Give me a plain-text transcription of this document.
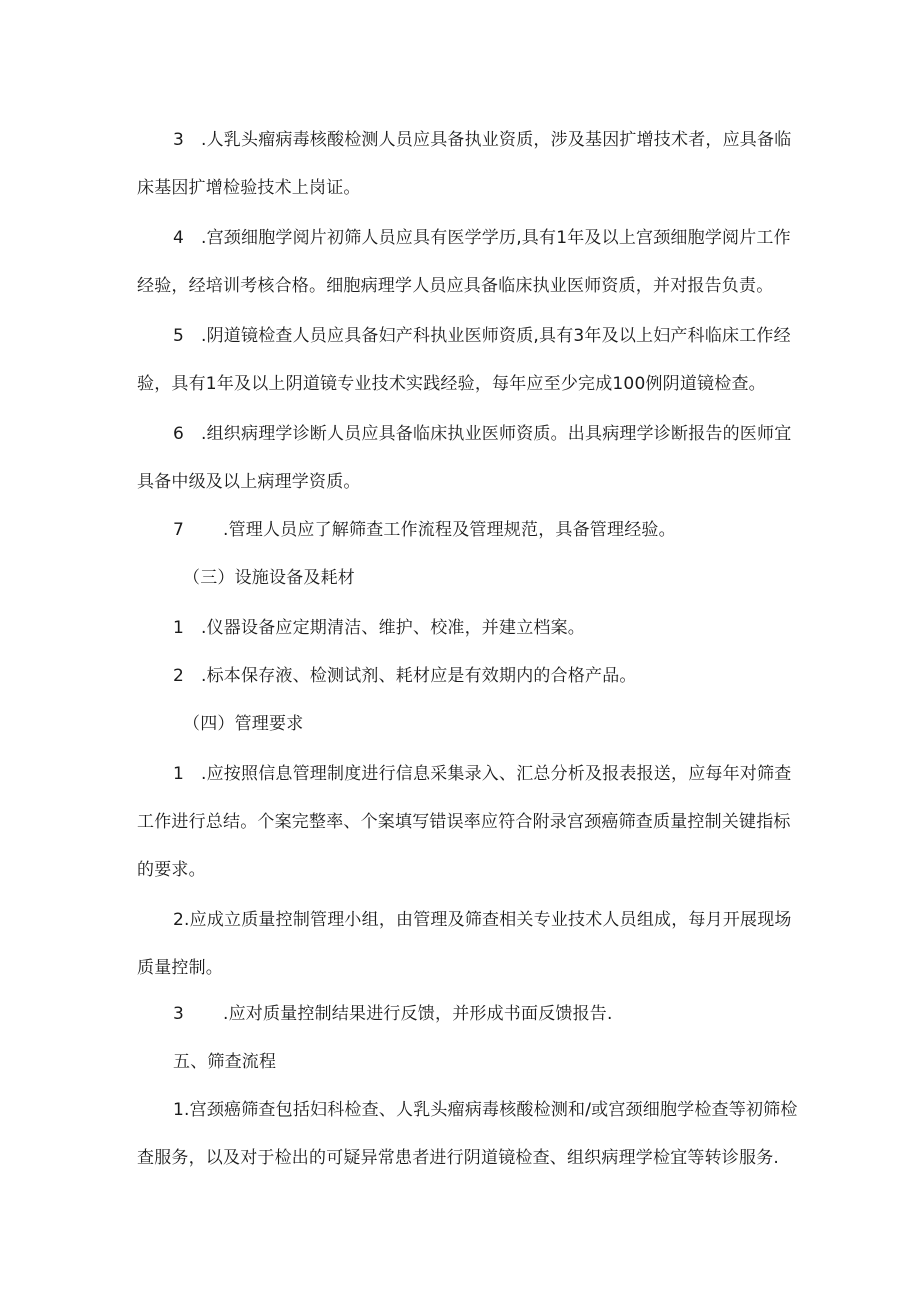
3 .人乳头瘤病毒核酸检测人员应具备执业资质，涉及基因扩增技术者，应具备临
床基因扩增检验技术上岗证。
4 .宫颈细胞学阅片初筛人员应具有医学学历,具有1年及以上宫颈细胞学阅片工作
经验，经培训考核合格。细胞病理学人员应具备临床执业医师资质，并对报告负责。
5 .阴道镜检查人员应具备妇产科执业医师资质,具有3年及以上妇产科临床工作经
验，具有1年及以上阴道镜专业技术实践经验，每年应至少完成100例阴道镜检查。
6 .组织病理学诊断人员应具备临床执业医师资质。出具病理学诊断报告的医师宜
具备中级及以上病理学资质。
7 .管理人员应了解筛查工作流程及管理规范，具备管理经验。
（三）设施设备及耗材
1 .仪器设备应定期清洁、维护、校准，并建立档案。
2 .标本保存液、检测试剂、耗材应是有效期内的合格产品。
（四）管理要求
1 .应按照信息管理制度进行信息采集录入、汇总分析及报表报送，应每年对筛查
工作进行总结。个案完整率、个案填写错误率应符合附录宫颈癌筛查质量控制关键指标
的要求。
2.应成立质量控制管理小组，由管理及筛查相关专业技术人员组成，每月开展现场
质量控制。
3 .应对质量控制结果进行反馈，并形成书面反馈报告.
五、筛查流程
1.宫颈癌筛查包括妇科检查、人乳头瘤病毒核酸检测和/或宫颈细胞学检查等初筛检
查服务，以及对于检出的可疑异常患者进行阴道镜检查、组织病理学检宜等转诊服务.
